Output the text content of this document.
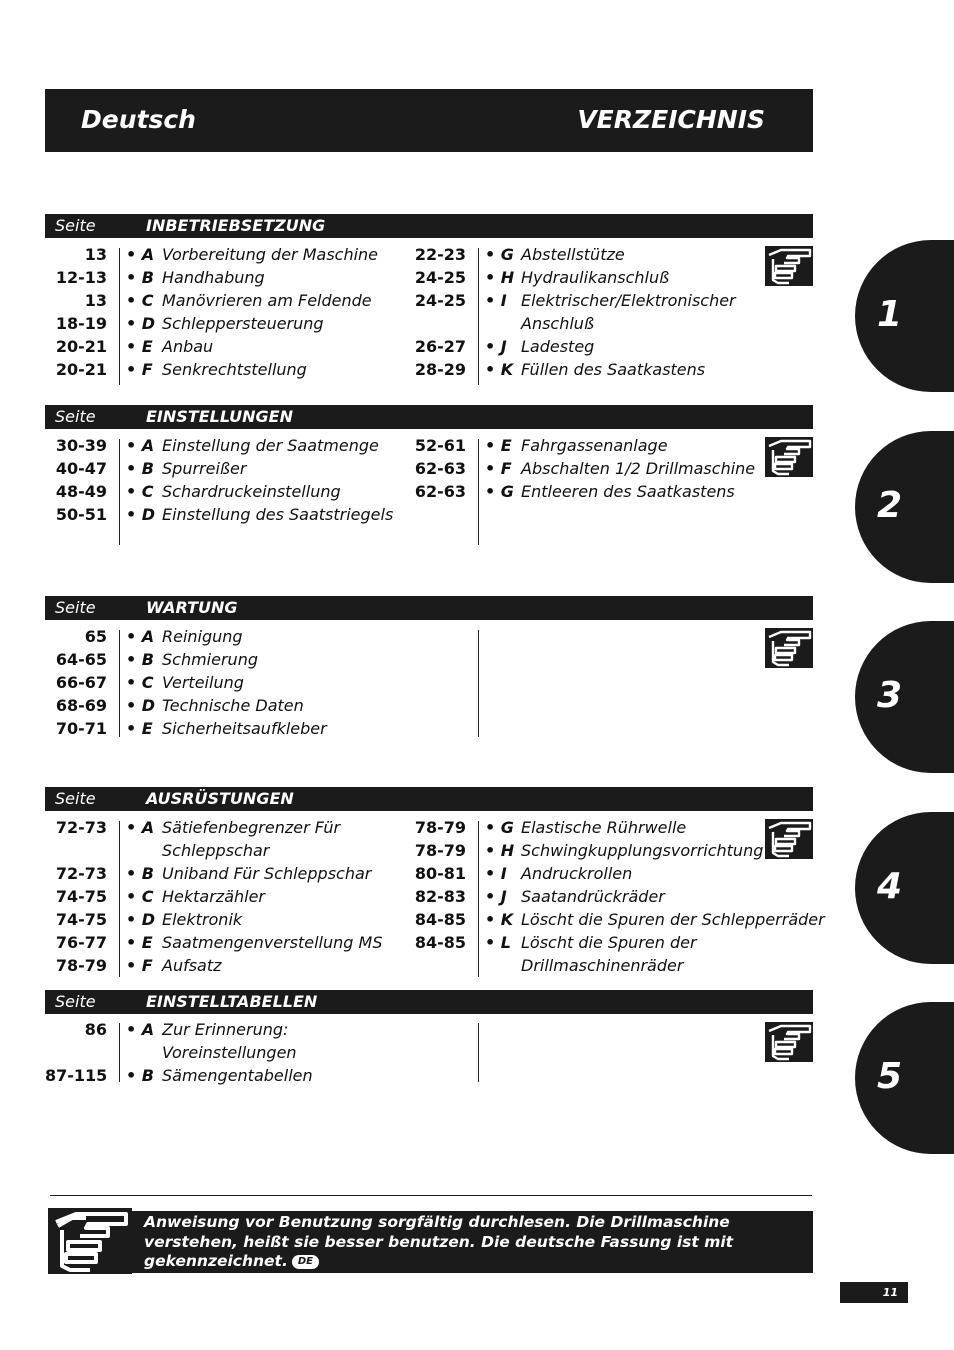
Deutsch	VERZEICHNIS
Seite	INBETRIEBSETZUNG
13 • A Vorbereitung der Maschine
12-13 • B Handhabung
13 • C Manövrieren am Feldende
18-19 • D Schleppersteuerung
20-21 • E Anbau
20-21 • F Senkrechtstellung
22-23 • G Abstellstütze
24-25 • H Hydraulikanschluß
24-25 • I Elektrischer/Elektronischer
Anschluß
26-27 • J Ladesteg
28-29 • K Füllen des Saatkastens
Seite	EINSTELLUNGEN
30-39 • A Einstellung der Saatmenge
40-47 • B Spurreißer
48-49 • C Schardruckeinstellung
50-51 • D Einstellung des Saatstriegels
52-61 • E Fahrgassenanlage
62-63 • F Abschalten 1/2 Drillmaschine
62-63 • G Entleeren des Saatkastens
Seite	WARTUNG
65 • A Reinigung
64-65 • B Schmierung
66-67 • C Verteilung
68-69 • D Technische Daten
70-71 • E Sicherheitsaufkleber
Seite	AUSRÜSTUNGEN
72-73 • A Sätiefenbegrenzer Für
Schleppschar
72-73 • B Uniband Für Schleppschar
74-75 • C Hektarzähler
74-75 • D Elektronik
76-77 • E Saatmengenverstellung MS
78-79 • F Aufsatz
78-79 • G Elastische Rührwelle
78-79 • H Schwingkupplungsvorrichtung
80-81 • I Andruckrollen
82-83 • J Saatandrückräder
84-85 • K Löscht die Spuren der Schlepperräder
84-85 • L Löscht die Spuren der
Drillmaschinenräder
Seite	EINSTELLTABELLEN
86 • A Zur Erinnerung:
Voreinstellungen
87-115 • B Sämengentabellen
1
2
3
4
5
Anweisung vor Benutzung sorgfältig durchlesen. Die Drillmaschine verstehen, heißt sie besser benutzen. Die deutsche Fassung ist mit gekennzeichnet. DE
11
